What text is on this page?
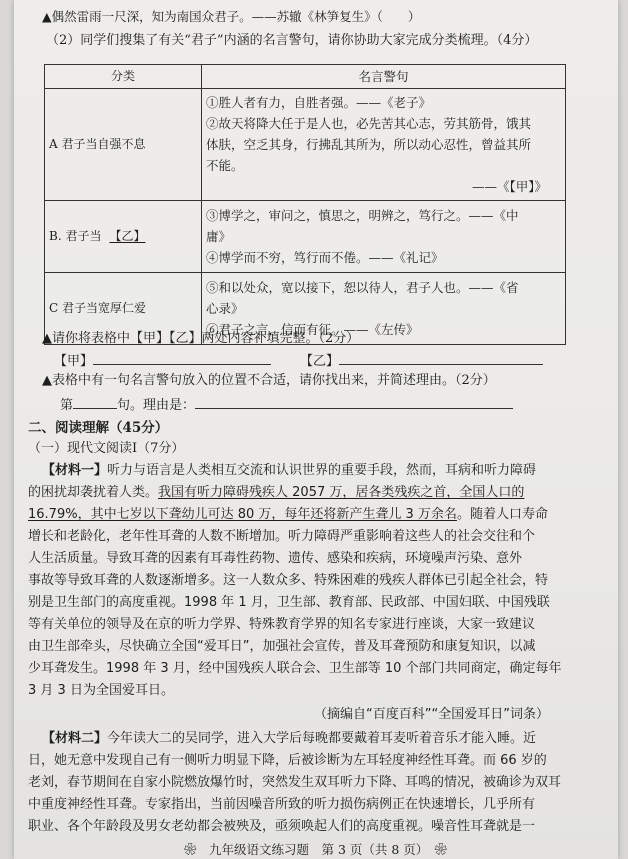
▲偶然雷雨一尺深，知为南国众君子。——苏辙《林笋复生》（　　）
（2）同学们搜集了有关“君子”内涵的名言警句，请你协助大家完成分类梳理。（4分）
分类	名言警句
A 君子当自强不息	①胜人者有力，自胜者强。——《老子》
②故天将降大任于是人也，必先苦其心志，劳其筋骨，饿其
体肤，空乏其身，行拂乱其所为，所以动心忍性，曾益其所
不能。
——《【甲】》

B. 君子当 【乙】	③博学之，审问之，慎思之，明辨之，笃行之。——《中
庸》
④博学而不穷，笃行而不倦。——《礼记》

C 君子当宽厚仁爱	⑤和以处众，宽以接下，恕以待人，君子人也。——《省
心录》
⑥君子之言，信而有征。——《左传》
▲请你将表格中【甲】【乙】两处内容补填完整。（2分）
【甲】	【乙】
▲表格中有一句名言警句放入的位置不合适，请你找出来，并简述理由。（2分）
第	句。理由是：
二、阅读理解（45分）
（一）现代文阅读Ⅰ（7分）
【材料一】听力与语言是人类相互交流和认识世界的重要手段，然而，耳病和听力障碍
的困扰却袭扰着人类。我国有听力障碍残疾人 2057 万，居各类残疾之首，全国人口的
16.79%，其中七岁以下聋幼儿可达 80 万，每年还将新产生聋儿 3 万余名。随着人口寿命
增长和老龄化，老年性耳聋的人数不断增加。听力障碍严重影响着这些人的社会交往和个
人生活质量。导致耳聋的因素有耳毒性药物、遗传、感染和疾病，环境噪声污染、意外
事故等导致耳聋的人数逐渐增多。这一人数众多、特殊困难的残疾人群体已引起全社会，特
别是卫生部门的高度重视。1998 年 1 月，卫生部、教育部、民政部、中国妇联、中国残联
等有关单位的领导及在京的听力学界、特殊教育学界的知名专家进行座谈，大家一致建议
由卫生部牵头，尽快确立全国“爱耳日”，加强社会宣传，普及耳聋预防和康复知识，以减
少耳聋发生。1998 年 3 月，经中国残疾人联合会、卫生部等 10 个部门共同商定，确定每年
3 月 3 日为全国爱耳日。
（摘编自“百度百科”“全国爱耳日”词条）
【材料二】今年读大二的吴同学，进入大学后每晚都要戴着耳麦听着音乐才能入睡。近
日，她无意中发现自己有一侧听力明显下降，后被诊断为左耳轻度神经性耳聋。而 66 岁的
老刘，春节期间在自家小院燃放爆竹时，突然发生双耳听力下降、耳鸣的情况，被确诊为双耳
中重度神经性耳聋。专家指出，当前因噪音所致的听力损伤病例正在快速增长，几乎所有
职业、各个年龄段及男女老幼都会被殃及，亟须唤起人们的高度重视。噪音性耳聋就是一
❀　九年级语文练习题　第 3 页（共 8 页）　❀
